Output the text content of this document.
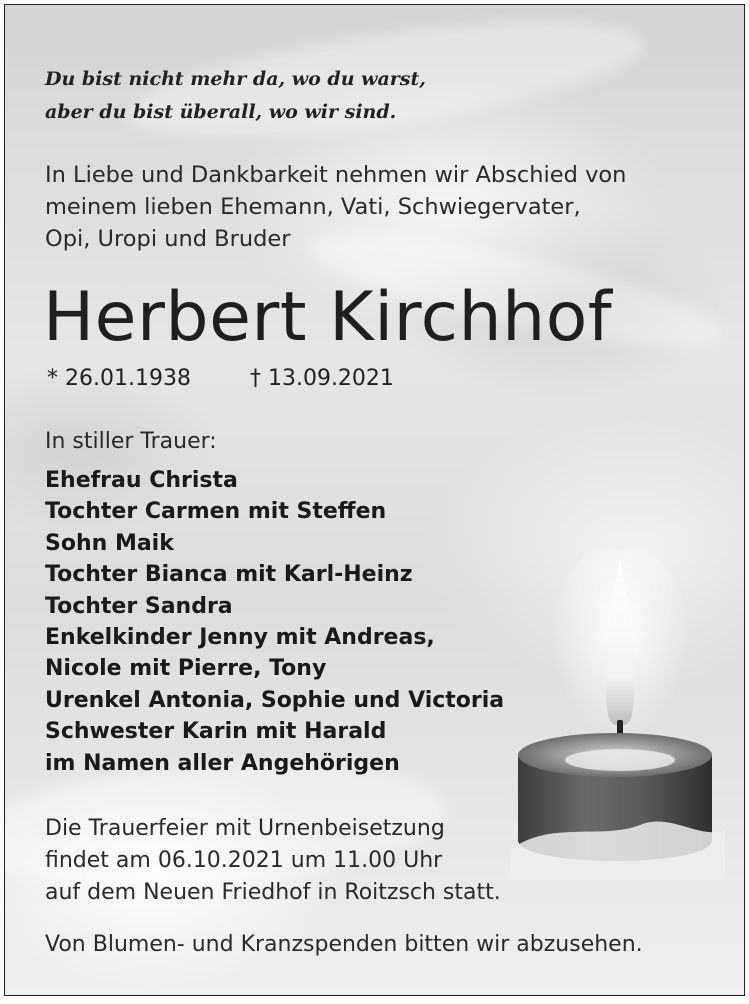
Du bist nicht mehr da, wo du warst,
aber du bist überall, wo wir sind.

In Liebe und Dankbarkeit nehmen wir Abschied von
meinem lieben Ehemann, Vati, Schwiegervater,
Opi, Uropi und Bruder

Herbert Kirchhof
* 26.01.1938	† 13.09.2021

In stiller Trauer:

Ehefrau Christa
Tochter Carmen mit Steffen
Sohn Maik
Tochter Bianca mit Karl-Heinz
Tochter Sandra
Enkelkinder Jenny mit Andreas,
Nicole mit Pierre, Tony
Urenkel Antonia, Sophie und Victoria
Schwester Karin mit Harald
im Namen aller Angehörigen

Die Trauerfeier mit Urnenbeisetzung
findet am 06.10.2021 um 11.00 Uhr
auf dem Neuen Friedhof in Roitzsch statt.

Von Blumen- und Kranzspenden bitten wir abzusehen.
